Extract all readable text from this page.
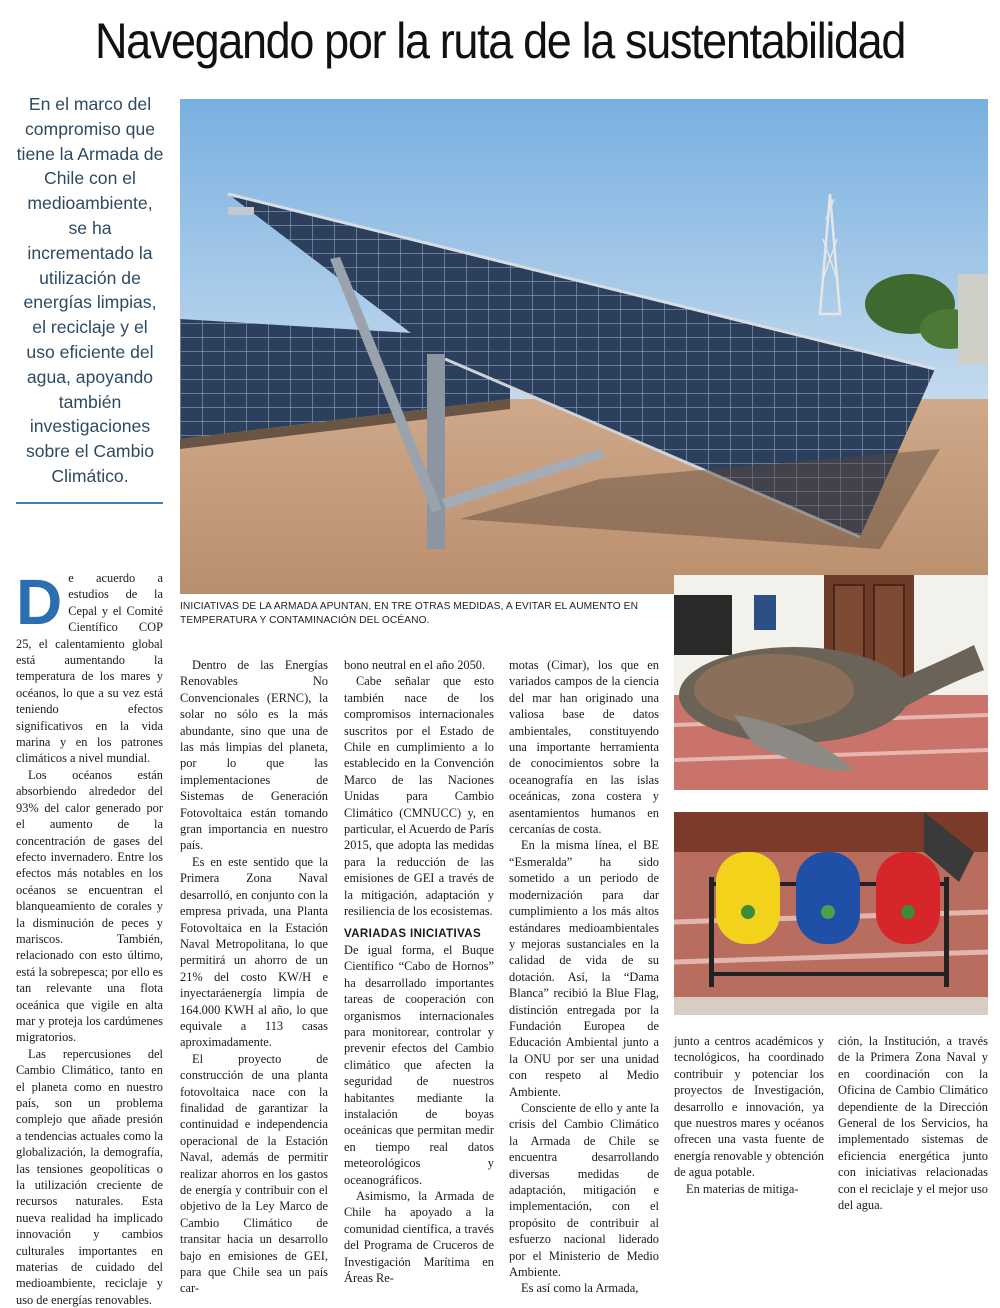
Navegando por la ruta de la sustentabilidad
En el marco del compromiso que tiene la Armada de Chile con el medioambiente, se ha incrementado la utilización de energías limpias, el reciclaje y el uso eficiente del agua, apoyando también investigaciones sobre el Cambio Climático.
INICIATIVAS DE LA ARMADA APUNTAN, EN TRE OTRAS MEDIDAS, A EVITAR EL AUMENTO EN TEMPERATURA Y CONTAMINACIÓN DEL OCÉANO.
D e acuerdo a estudios de la Cepal y el Comité Científico COP 25, el calentamiento global está aumentando la temperatura de los mares y océanos, lo que a su vez está teniendo efectos significativos en la vida marina y en los patrones climáticos a nivel mundial.

Los océanos están absorbiendo alrededor del 93% del calor generado por el aumento de la concentración de gases del efecto invernadero. Entre los efectos más notables en los océanos se encuentran el blanqueamiento de corales y la disminución de peces y mariscos. También, relacionado con esto último, está la sobrepesca; por ello es tan relevante una flota oceánica que vigile en alta mar y proteja los cardúmenes migratorios.

Las repercusiones del Cambio Climático, tanto en el planeta como en nuestro país, son un problema complejo que añade presión a tendencias actuales como la globalización, la demografía, las tensiones geopolíticas o la utilización creciente de recursos naturales. Esta nueva realidad ha implicado innovación y cambios culturales importantes en materias de cuidado del medioambiente, reciclaje y uso de energías renovables.

Dentro de las Energías Renovables No Convencionales (ERNC), la solar no sólo es la más abundante, sino que una de las más limpias del planeta, por lo que las implementaciones de Sistemas de Generación Fotovoltaica están tomando gran importancia en nuestro país.

Es en este sentido que la Primera Zona Naval desarrolló, en conjunto con la empresa privada, una Planta Fotovoltaica en la Estación Naval Metropolitana, lo que permitirá un ahorro de un 21% del costo KW/H e inyectaráenergía limpia de 164.000 KWH al año, lo que equivale a 113 casas aproximadamente.

El proyecto de construcción de una planta fotovoltaica nace con la finalidad de garantizar la continuidad e independencia operacional de la Estación Naval, además de permitir realizar ahorros en los gastos de energía y contribuir con el objetivo de la Ley Marco de Cambio Climático de transitar hacia un desarrollo bajo en emisiones de GEI, para que Chile sea un país car-

bono neutral en el año 2050.

Cabe señalar que esto también nace de los compromisos internacionales suscritos por el Estado de Chile en cumplimiento a lo establecido en la Convención Marco de las Naciones Unidas para Cambio Climático (CMNUCC) y, en particular, el Acuerdo de París 2015, que adopta las medidas para la reducción de las emisiones de GEI a través de la mitigación, adaptación y resiliencia de los ecosistemas.

VARIADAS INICIATIVAS

De igual forma, el Buque Científico “Cabo de Hornos” ha desarrollado importantes tareas de cooperación con organismos internacionales para monitorear, controlar y prevenir efectos del Cambio climático que afecten la seguridad de nuestros habitantes mediante la instalación de boyas oceánicas que permitan medir en tiempo real datos meteorológicos y oceanográficos.

Asimismo, la Armada de Chile ha apoyado a la comunidad científica, a través del Programa de Cruceros de Investigación Marítima en Áreas Re-

motas (Cimar), los que en variados campos de la ciencia del mar han originado una valiosa base de datos ambientales, constituyendo una importante herramienta de conocimientos sobre la oceanografía en las islas oceánicas, zona costera y asentamientos humanos en cercanías de costa.

En la misma línea, el BE “Esmeralda” ha sido sometido a un periodo de modernización para dar cumplimiento a los más altos estándares medioambientales y mejoras sustanciales en la calidad de vida de su dotación. Así, la “Dama Blanca” recibió la Blue Flag, distinción entregada por la Fundación Europea de Educación Ambiental junto a la ONU por ser una unidad con respeto al Medio Ambiente.

Consciente de ello y ante la crisis del Cambio Climático la Armada de Chile se encuentra desarrollando diversas medidas de adaptación, mitigación e implementación, con el propósito de contribuir al esfuerzo nacional liderado por el Ministerio de Medio Ambiente.

Es así como la Armada,

junto a centros académicos y tecnológicos, ha coordinado contribuir y potenciar los proyectos de Investigación, desarrollo e innovación, ya que nuestros mares y océanos ofrecen una vasta fuente de energía renovable y obtención de agua potable.

En materias de mitiga-

ción, la Institución, a través de la Primera Zona Naval y en coordinación con la Oficina de Cambio Climático dependiente de la Dirección General de los Servicios, ha implementado sistemas de eficiencia energética junto con iniciativas relacionadas con el reciclaje y el mejor uso del agua.
